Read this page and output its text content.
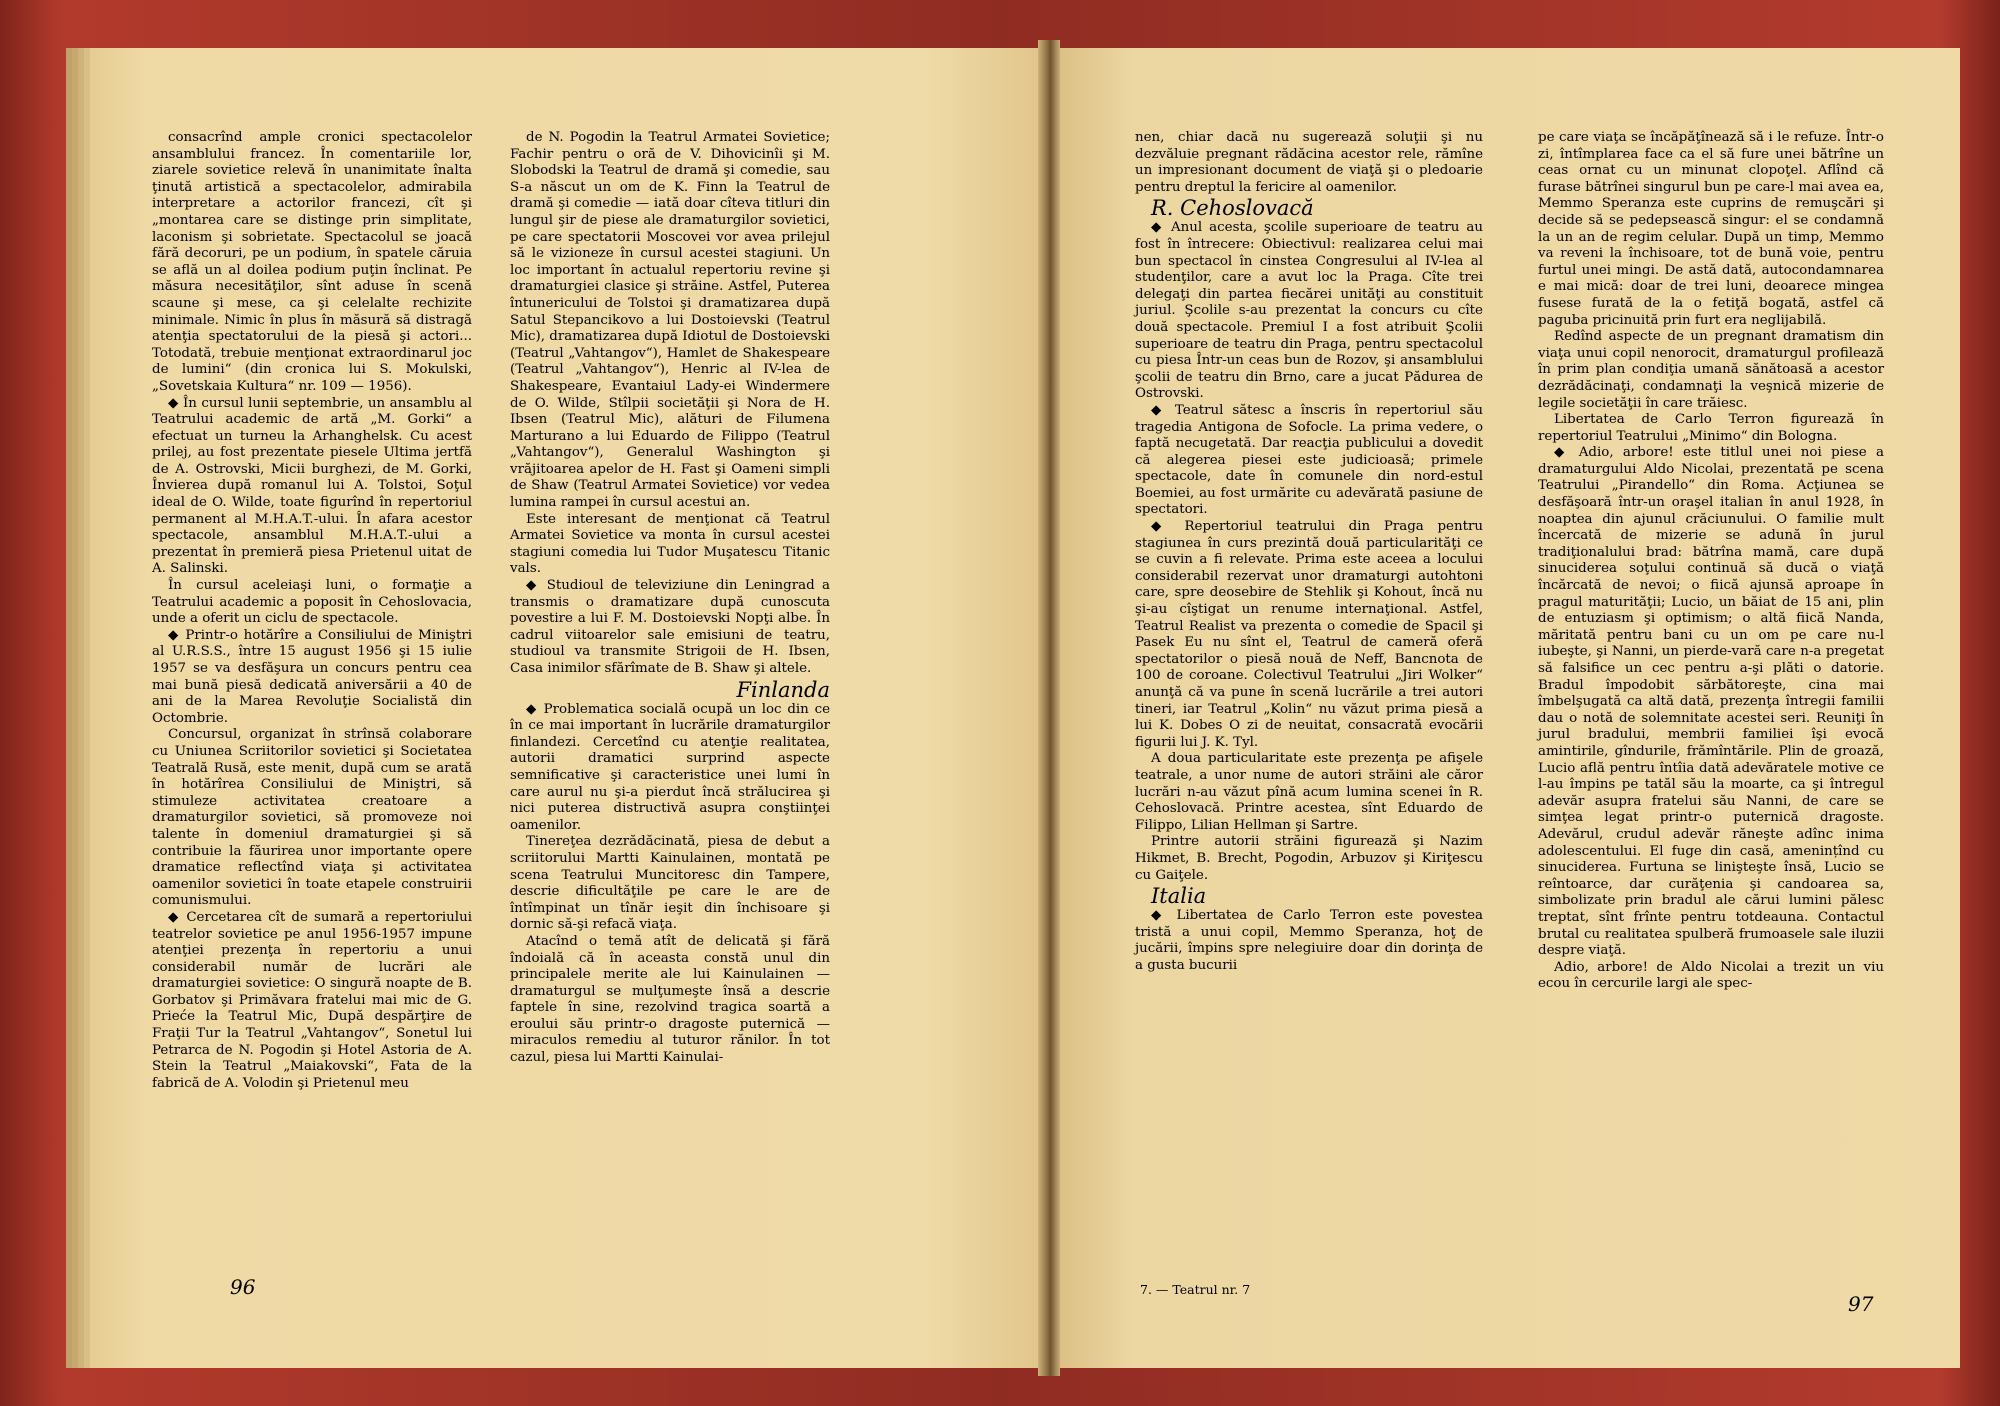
consacrînd ample cronici spectacolelor ansamblului francez. În comentariile lor, ziarele sovietice relevă în unanimitate înalta ţinută artistică a spectacolelor, admirabila interpretare a actorilor francezi, cît şi „montarea care se distinge prin simplitate, laconism şi sobrietate. Spectacolul se joacă fără decoruri, pe un podium, în spatele căruia se află un al doilea podium puţin înclinat. Pe măsura necesităţilor, sînt aduse în scenă scaune şi mese, ca şi celelalte rechizite minimale. Nimic în plus în măsură să distragă atenţia spectatorului de la piesă şi actori... Totodată, trebuie menţionat extraordinarul joc de lumini“ (din cronica lui S. Mokulski, „Sovetskaia Kultura“ nr. 109 — 1956).

◆ În cursul lunii septembrie, un ansamblu al Teatrului academic de artă „M. Gorki“ a efectuat un turneu la Arhanghelsk. Cu acest prilej, au fost prezentate piesele Ultima jertfă de A. Ostrovski, Micii burghezi, de M. Gorki, Învierea după romanul lui A. Tolstoi, Soţul ideal de O. Wilde, toate figurînd în repertoriul permanent al M.H.A.T.-ului. În afara acestor spectacole, ansamblul M.H.A.T.-ului a prezentat în premieră piesa Prietenul uitat de A. Salinski.

În cursul aceleiaşi luni, o formaţie a Teatrului academic a poposit în Cehoslovacia, unde a oferit un ciclu de spectacole.

◆ Printr-o hotărîre a Consiliului de Miniştri al U.R.S.S., între 15 august 1956 şi 15 iulie 1957 se va desfăşura un concurs pentru cea mai bună piesă dedicată aniversării a 40 de ani de la Marea Revoluţie Socialistă din Octombrie.

Concursul, organizat în strînsă colaborare cu Uniunea Scriitorilor sovietici şi Societatea Teatrală Rusă, este menit, după cum se arată în hotărîrea Consiliului de Miniştri, să stimuleze activitatea creatoare a dramaturgilor sovietici, să promoveze noi talente în domeniul dramaturgiei şi să contribuie la făurirea unor importante opere dramatice reflectînd viaţa şi activitatea oamenilor sovietici în toate etapele construirii comunismului.

◆ Cercetarea cît de sumară a repertoriului teatrelor sovietice pe anul 1956-1957 impune atenţiei prezenţa în repertoriu a unui considerabil număr de lucrări ale dramaturgiei sovietice: O singură noapte de B. Gorbatov şi Primăvara fratelui mai mic de G. Prieće la Teatrul Mic, După despărţire de Fraţii Tur la Teatrul „Vahtangov“, Sonetul lui Petrarca de N. Pogodin şi Hotel Astoria de A. Stein la Teatrul „Maiakovski“, Fata de la fabrică de A. Volodin şi Prietenul meu

de N. Pogodin la Teatrul Armatei Sovietice; Fachir pentru o oră de V. Dihovicinîi şi M. Slobodski la Teatrul de dramă şi comedie, sau S-a născut un om de K. Finn la Teatrul de dramă şi comedie — iată doar cîteva titluri din lungul şir de piese ale dramaturgilor sovietici, pe care spectatorii Moscovei vor avea prilejul să le vizioneze în cursul acestei stagiuni. Un loc important în actualul repertoriu revine şi dramaturgiei clasice şi străine. Astfel, Puterea întunericului de Tolstoi şi dramatizarea după Satul Stepancikovo a lui Dostoievski (Teatrul Mic), dramatizarea după Idiotul de Dostoievski (Teatrul „Vahtangov“), Hamlet de Shakespeare (Teatrul „Vahtangov“), Henric al IV-lea de Shakespeare, Evantaiul Lady-ei Windermere de O. Wilde, Stîlpii societăţii şi Nora de H. Ibsen (Teatrul Mic), alături de Filumena Marturano a lui Eduardo de Filippo (Teatrul „Vahtangov“), Generalul Washington şi vrăjitoarea apelor de H. Fast şi Oameni simpli de Shaw (Teatrul Armatei Sovietice) vor vedea lumina rampei în cursul acestui an.

Este interesant de menţionat că Teatrul Armatei Sovietice va monta în cursul acestei stagiuni comedia lui Tudor Muşatescu Titanic vals.

◆ Studioul de televiziune din Leningrad a transmis o dramatizare după cunoscuta povestire a lui F. M. Dostoievski Nopţi albe. În cadrul viitoarelor sale emisiuni de teatru, studioul va transmite Strigoii de H. Ibsen, Casa inimilor sfărîmate de B. Shaw şi altele.

Finlanda

◆ Problematica socială ocupă un loc din ce în ce mai important în lucrările dramaturgilor finlandezi. Cercetînd cu atenţie realitatea, autorii dramatici surprind aspecte semnificative şi caracteristice unei lumi în care aurul nu şi-a pierdut încă strălucirea şi nici puterea distructivă asupra conştiinţei oamenilor.

Tinereţea dezrădăcinată, piesa de debut a scriitorului Martti Kainulainen, montată pe scena Teatrului Muncitoresc din Tampere, descrie dificultăţile pe care le are de întîmpinat un tînăr ieşit din închisoare şi dornic să-şi refacă viaţa.

Atacînd o temă atît de delicată şi fără îndoială că în aceasta constă unul din principalele merite ale lui Kainulainen — dramaturgul se mulţumeşte însă a descrie faptele în sine, rezolvind tragica soartă a eroului său printr-o dragoste puternică — miraculos remediu al tuturor rănilor. În tot cazul, piesa lui Martti Kainulai-

nen, chiar dacă nu sugerează soluţii şi nu dezvăluie pregnant rădăcina acestor rele, rămîne un impresionant document de viaţă şi o pledoarie pentru dreptul la fericire al oamenilor.

R. Cehoslovacă

◆ Anul acesta, şcolile superioare de teatru au fost în întrecere: Obiectivul: realizarea celui mai bun spectacol în cinstea Congresului al IV-lea al studenţilor, care a avut loc la Praga. Cîte trei delegaţi din partea fiecărei unităţi au constituit juriul. Şcolile s-au prezentat la concurs cu cîte două spectacole. Premiul I a fost atribuit Şcolii superioare de teatru din Praga, pentru spectacolul cu piesa Într-un ceas bun de Rozov, şi ansamblului şcolii de teatru din Brno, care a jucat Pădurea de Ostrovski.

◆ Teatrul sătesc a înscris în repertoriul său tragedia Antigona de Sofocle. La prima vedere, o faptă necugetată. Dar reacţia publicului a dovedit că alegerea piesei este judicioasă; primele spectacole, date în comunele din nord-estul Boemiei, au fost urmărite cu adevărată pasiune de spectatori.

◆ Repertoriul teatrului din Praga pentru stagiunea în curs prezintă două particularităţi ce se cuvin a fi relevate. Prima este aceea a locului considerabil rezervat unor dramaturgi autohtoni care, spre deosebire de Stehlik şi Kohout, încă nu şi-au cîştigat un renume internaţional. Astfel, Teatrul Realist va prezenta o comedie de Spacil şi Pasek Eu nu sînt el, Teatrul de cameră oferă spectatorilor o piesă nouă de Neff, Bancnota de 100 de coroane. Colectivul Teatrului „Jiri Wolker“ anunţă că va pune în scenă lucrările a trei autori tineri, iar Teatrul „Kolin“ nu văzut prima piesă a lui K. Dobes O zi de neuitat, consacrată evocării figurii lui J. K. Tyl.

A doua particularitate este prezenţa pe afişele teatrale, a unor nume de autori străini ale căror lucrări n-au văzut pînă acum lumina scenei în R. Cehoslovacă. Printre acestea, sînt Eduardo de Filippo, Lilian Hellman şi Sartre.

Printre autorii străini figurează şi Nazim Hikmet, B. Brecht, Pogodin, Arbuzov şi Kiriţescu cu Gaiţele.

Italia

◆ Libertatea de Carlo Terron este povestea tristă a unui copil, Memmo Speranza, hoţ de jucării, împins spre nelegiuire doar din dorinţa de a gusta bucurii

pe care viaţa se încăpăţînează să i le refuze. Într-o zi, întîmplarea face ca el să fure unei bătrîne un ceas ornat cu un minunat clopoţel. Aflînd că furase bătrînei singurul bun pe care-l mai avea ea, Memmo Speranza este cuprins de remuşcări şi decide să se pedepsească singur: el se condamnă la un an de regim celular. După un timp, Memmo va reveni la închisoare, tot de bună voie, pentru furtul unei mingi. De astă dată, autocondamnarea e mai mică: doar de trei luni, deoarece mingea fusese furată de la o fetiţă bogată, astfel că paguba pricinuită prin furt era neglijabilă.

Redînd aspecte de un pregnant dramatism din viaţa unui copil nenorocit, dramaturgul profilează în prim plan condiţia umană sănătoasă a acestor dezrădăcinaţi, condamnaţi la veşnică mizerie de legile societăţii în care trăiesc.

Libertatea de Carlo Terron figurează în repertoriul Teatrului „Minimo“ din Bologna.

◆ Adio, arbore! este titlul unei noi piese a dramaturgului Aldo Nicolai, prezentată pe scena Teatrului „Pirandello“ din Roma. Acţiunea se desfăşoară într-un oraşel italian în anul 1928, în noaptea din ajunul crăciunului. O familie mult încercată de mizerie se adună în jurul tradiţionalului brad: bătrîna mamă, care după sinuciderea soţului continuă să ducă o viaţă încărcată de nevoi; o fiică ajunsă aproape în pragul maturităţii; Lucio, un băiat de 15 ani, plin de entuziasm şi optimism; o altă fiică Nanda, măritată pentru bani cu un om pe care nu-l iubeşte, şi Nanni, un pierde-vară care n-a pregetat să falsifice un cec pentru a-şi plăti o datorie. Bradul împodobit sărbătoreşte, cina mai îmbelşugată ca altă dată, prezenţa întregii familii dau o notă de solemnitate acestei seri. Reuniţi în jurul bradului, membrii familiei îşi evocă amintirile, gîndurile, frămîntările. Plin de groază, Lucio află pentru întîia dată adevăratele motive ce l-au împins pe tatăl său la moarte, ca şi întregul adevăr asupra fratelui său Nanni, de care se simţea legat printr-o puternică dragoste. Adevărul, crudul adevăr răneşte adînc inima adolescentului. El fuge din casă, amenințînd cu sinuciderea. Furtuna se linişteşte însă, Lucio se reîntoarce, dar curăţenia şi candoarea sa, simbolizate prin bradul ale cărui lumini pălesc treptat, sînt frînte pentru totdeauna. Contactul brutal cu realitatea spulberă frumoasele sale iluzii despre viaţă.

Adio, arbore! de Aldo Nicolai a trezit un viu ecou în cercurile largi ale spec-

96	7. — Teatrul nr. 7
97
